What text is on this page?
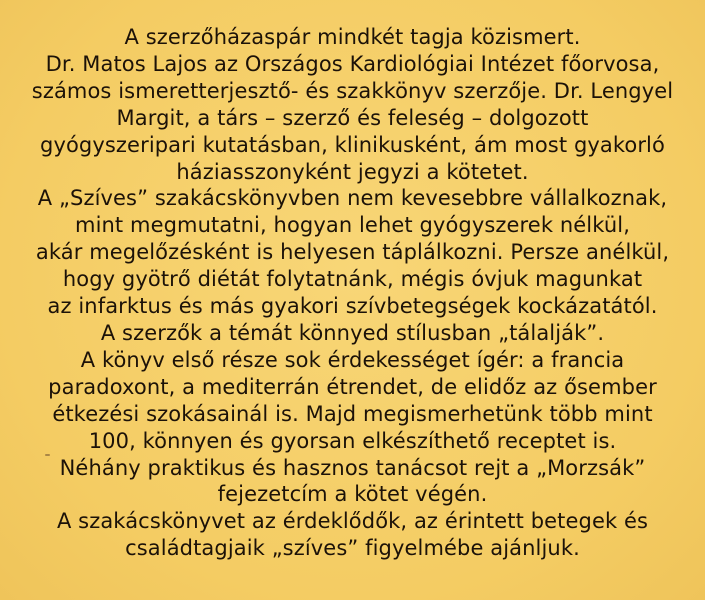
A szerzőházaspár mindkét tagja közismert.
Dr. Matos Lajos az Országos Kardiológiai Intézet főorvosa,
számos ismeretterjesztő- és szakkönyv szerzője. Dr. Lengyel
Margit, a társ – szerző és feleség – dolgozott
gyógyszeripari kutatásban, klinikusként, ám most gyakorló
háziasszonyként jegyzi a kötetet.
A „Szíves” szakácskönyvben nem kevesebbre vállalkoznak,
mint megmutatni, hogyan lehet gyógyszerek nélkül,
akár megelőzésként is helyesen táplálkozni. Persze anélkül,
hogy gyötrő diétát folytatnánk, mégis óvjuk magunkat
az infarktus és más gyakori szívbetegségek kockázatától.
A szerzők a témát könnyed stílusban „tálalják”.
A könyv első része sok érdekességet ígér: a francia
paradoxont, a mediterrán étrendet, de elidőz az ősember
étkezési szokásainál is. Majd megismerhetünk több mint
100, könnyen és gyorsan elkészíthető receptet is.
Néhány praktikus és hasznos tanácsot rejt a „Morzsák”
fejezetcím a kötet végén.
A szakácskönyvet az érdeklődők, az érintett betegek és
családtagjaik „szíves” figyelmébe ajánljuk.
